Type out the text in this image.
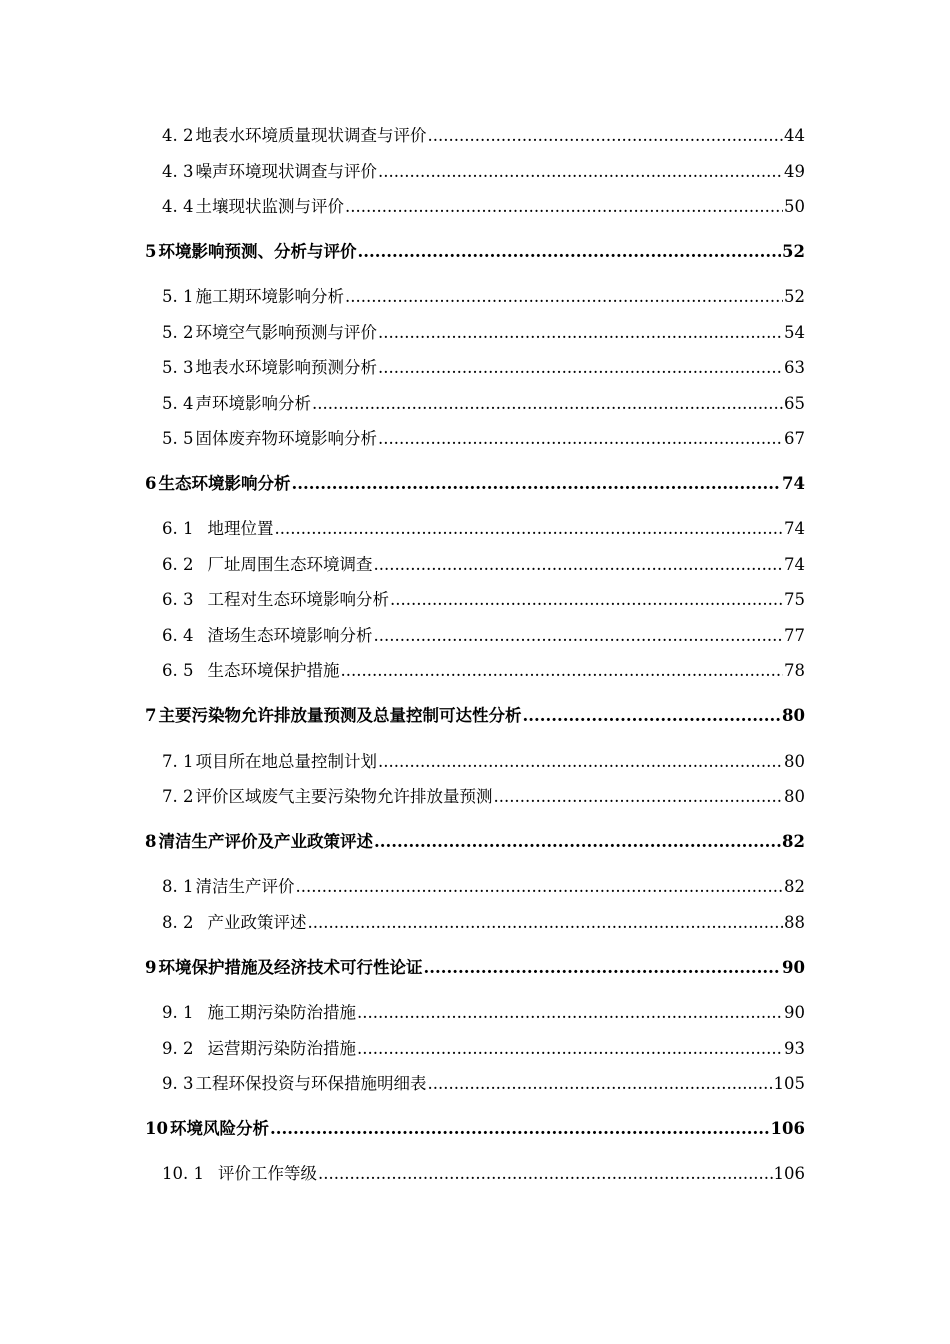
4. 2 地表水环境质量现状调查与评价 .....	44
4. 3 噪声环境现状调查与评价 .....	49
4. 4 土壤现状监测与评价 .....	50
5 环境影响预测、分析与评价 .....	52
5. 1 施工期环境影响分析 .....	52
5. 2 环境空气影响预测与评价 .....	54
5. 3 地表水环境影响预测分析 .....	63
5. 4 声环境影响分析 .....	65
5. 5 固体废弃物环境影响分析 .....	67
6 生态环境影响分析 .....	74
6. 1 地理位置 .....	74
6. 2 厂址周围生态环境调查 .....	74
6. 3 工程对生态环境影响分析 .....	75
6. 4 渣场生态环境影响分析 .....	77
6. 5 生态环境保护措施 .....	78
7 主要污染物允许排放量预测及总量控制可达性分析 .....	80
7. 1 项目所在地总量控制计划 .....	80
7. 2 评价区域废气主要污染物允许排放量预测 .....	80
8 清洁生产评价及产业政策评述 .....	82
8. 1 清洁生产评价 .....	82
8. 2 产业政策评述 .....	88
9 环境保护措施及经济技术可行性论证 .....	90
9. 1 施工期污染防治措施 .....	90
9. 2 运营期污染防治措施 .....	93
9. 3 工程环保投资与环保措施明细表 .....	105
10 环境风险分析 .....	106
10. 1 评价工作等级 .....	106
